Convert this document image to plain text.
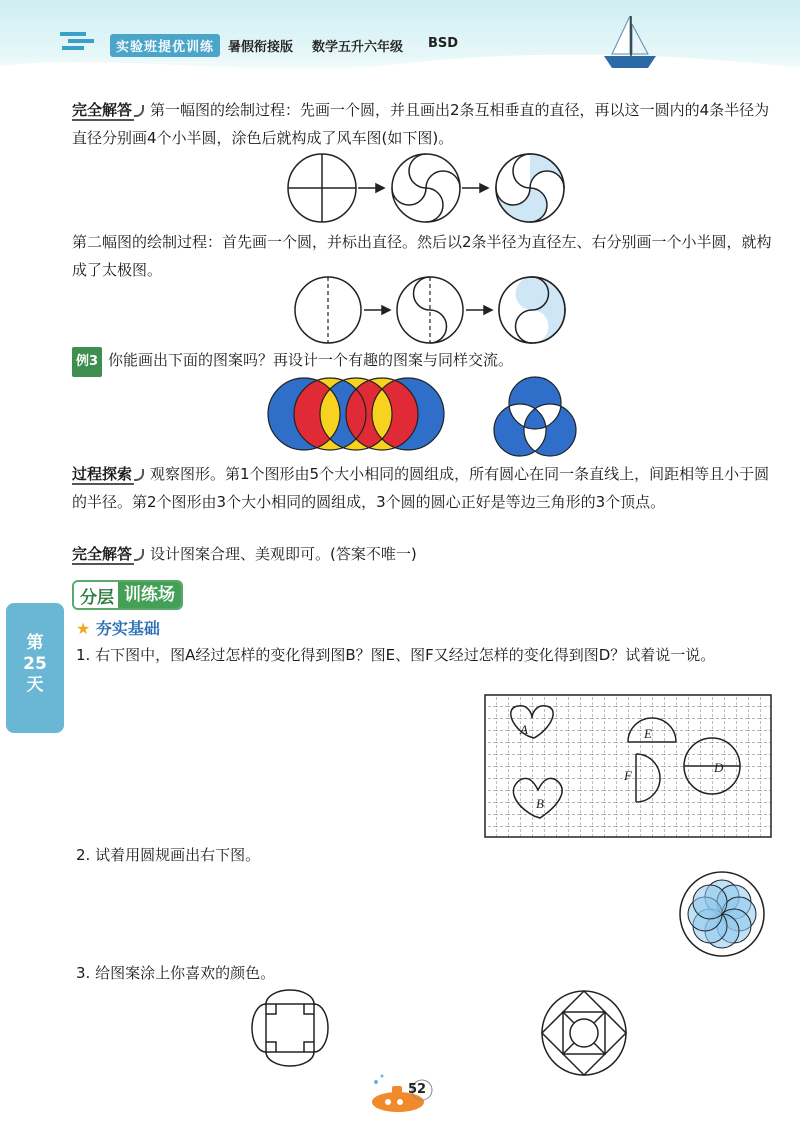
实验班提优训练	暑假衔接版 数学五升六年级 BSD

完全解答 第一幅图的绘制过程：先画一个圆，并且画出2条互相垂直的直径，再以这一圆内的4条半径为直径分别画4个小半圆，涂色后就构成了风车图(如下图)。

第二幅图的绘制过程：首先画一个圆，并标出直径。然后以2条半径为直径左、右分别画一个小半圆，就构成了太极图。

例3 你能画出下面的图案吗？再设计一个有趣的图案与同样交流。

过程探索 观察图形。第1个图形由5个大小相同的圆组成，所有圆心在同一条直线上，间距相等且小于圆的半径。第2个图形由3个大小相同的圆组成，3个圆的圆心正好是等边三角形的3个顶点。

完全解答 设计图案合理、美观即可。(答案不唯一)

分层 训练场
★ 夯实基础
第
25
天
1. 右下图中，图A经过怎样的变化得到图B？图E、图F又经过怎样的变化得到图D？试着说一说。
A
B
E
F
D
2. 试着用圆规画出右下图。
3. 给图案涂上你喜欢的颜色。
52
